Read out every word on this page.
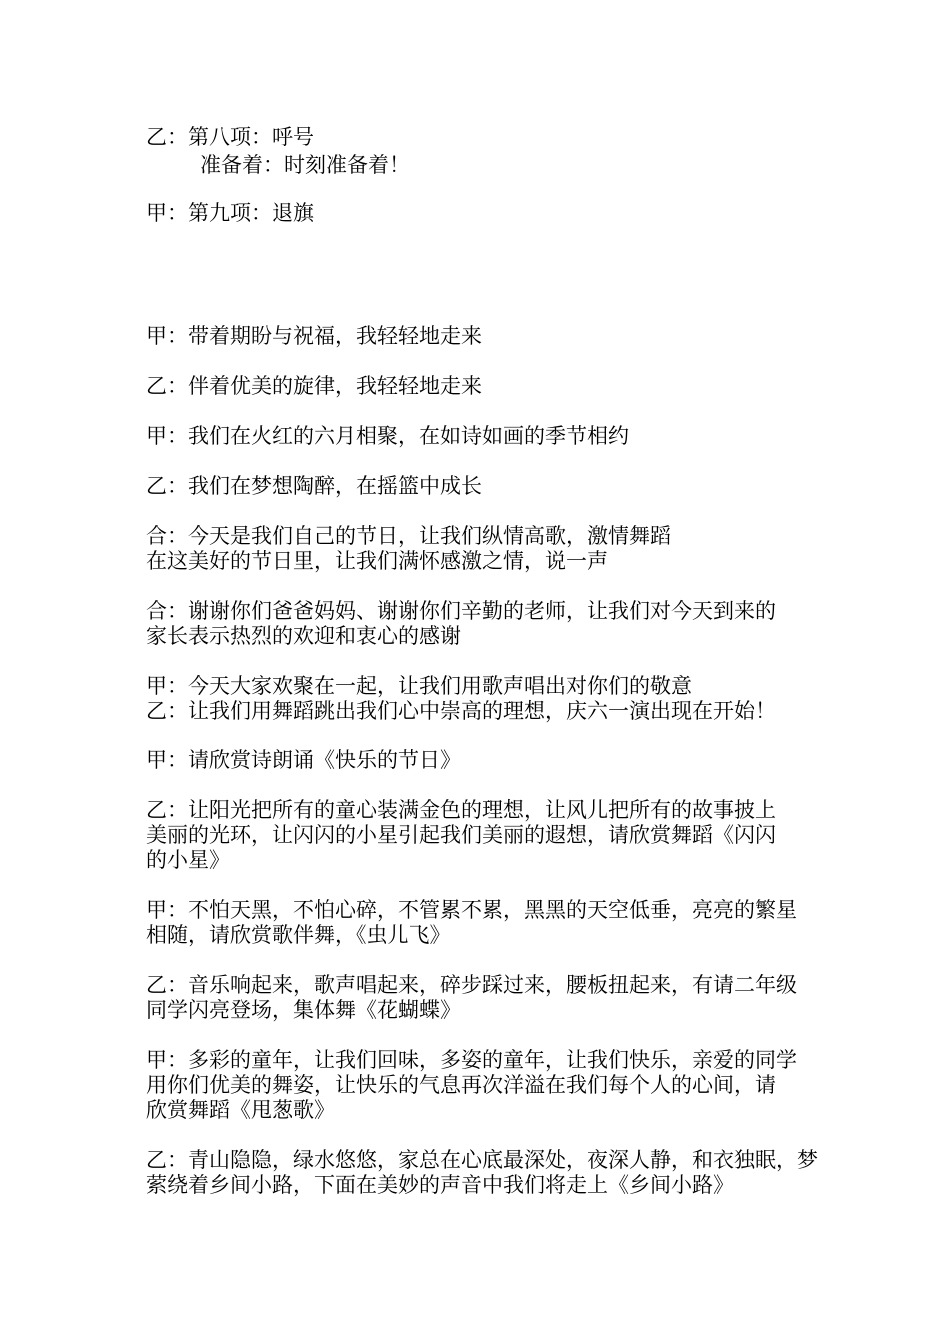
乙：第八项：呼号
准备着：时刻准备着！
甲：第九项：退旗
甲：带着期盼与祝福，我轻轻地走来
乙：伴着优美的旋律，我轻轻地走来
甲：我们在火红的六月相聚，在如诗如画的季节相约
乙：我们在梦想陶醉，在摇篮中成长
合：今天是我们自己的节日，让我们纵情高歌，激情舞蹈
在这美好的节日里，让我们满怀感激之情，说一声
合：谢谢你们爸爸妈妈、谢谢你们辛勤的老师，让我们对今天到来的
家长表示热烈的欢迎和衷心的感谢
甲：今天大家欢聚在一起，让我们用歌声唱出对你们的敬意
乙：让我们用舞蹈跳出我们心中崇高的理想，庆六一演出现在开始！
甲：请欣赏诗朗诵《快乐的节日》
乙：让阳光把所有的童心装满金色的理想，让风儿把所有的故事披上
美丽的光环，让闪闪的小星引起我们美丽的遐想，请欣赏舞蹈《闪闪
的小星》
甲：不怕天黑，不怕心碎，不管累不累，黑黑的天空低垂，亮亮的繁星
相随，请欣赏歌伴舞，《虫儿飞》
乙：音乐响起来，歌声唱起来，碎步踩过来，腰板扭起来，有请二年级
同学闪亮登场，集体舞《花蝴蝶》
甲：多彩的童年，让我们回味，多姿的童年，让我们快乐，亲爱的同学
用你们优美的舞姿，让快乐的气息再次洋溢在我们每个人的心间，请
欣赏舞蹈《甩葱歌》
乙：青山隐隐，绿水悠悠，家总在心底最深处，夜深人静，和衣独眠，梦
萦绕着乡间小路，下面在美妙的声音中我们将走上《乡间小路》
